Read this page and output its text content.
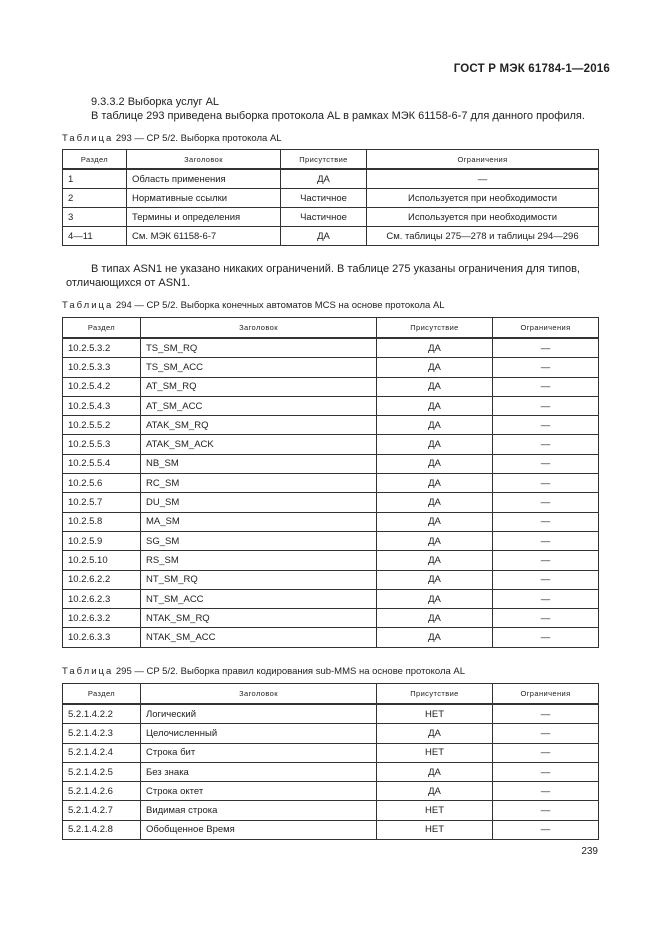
ГОСТ Р МЭК 61784-1—2016
9.3.3.2 Выборка услуг AL
В таблице 293 приведена выборка протокола AL в рамках МЭК 61158-6-7 для данного профиля.
Таблица 293 — CP 5/2. Выборка протокола AL
Раздел	Заголовок	Присутствие	Ограничения
1	Область применения	ДА	—
2	Нормативные ссылки	Частичное	Используется при необходимости
3	Термины и определения	Частичное	Используется при необходимости
4—11	См. МЭК 61158-6-7	ДА	См. таблицы 275—278 и таблицы 294—296
В типах ASN1 не указано никаких ограничений. В таблице 275 указаны ограничения для типов,
отличающихся от ASN1.
Таблица 294 — CP 5/2. Выборка конечных автоматов MCS на основе протокола AL
Раздел	Заголовок	Присутствие	Ограничения
10.2.5.3.2	TS_SM_RQ	ДА	—
10.2.5.3.3	TS_SM_ACC	ДА	—
10.2.5.4.2	AT_SM_RQ	ДА	—
10.2.5.4.3	AT_SM_ACC	ДА	—
10.2.5.5.2	ATAK_SM_RQ	ДА	—
10.2.5.5.3	ATAK_SM_ACK	ДА	—
10.2.5.5.4	NB_SM	ДА	—
10.2.5.6	RC_SM	ДА	—
10.2.5.7	DU_SM	ДА	—
10.2.5.8	MA_SM	ДА	—
10.2.5.9	SG_SM	ДА	—
10.2.5.10	RS_SM	ДА	—
10.2.6.2.2	NT_SM_RQ	ДА	—
10.2.6.2.3	NT_SM_ACC	ДА	—
10.2.6.3.2	NTAK_SM_RQ	ДА	—
10.2.6.3.3	NTAK_SM_ACC	ДА	—
Таблица 295 — CP 5/2. Выборка правил кодирования sub-MMS на основе протокола AL
Раздел	Заголовок	Присутствие	Ограничения
5.2.1.4.2.2	Логический	НЕТ	—
5.2.1.4.2.3	Целочисленный	ДА	—
5.2.1.4.2.4	Строка бит	НЕТ	—
5.2.1.4.2.5	Без знака	ДА	—
5.2.1.4.2.6	Строка октет	ДА	—
5.2.1.4.2.7	Видимая строка	НЕТ	—
5.2.1.4.2.8	Обобщенное Время	НЕТ	—
239
